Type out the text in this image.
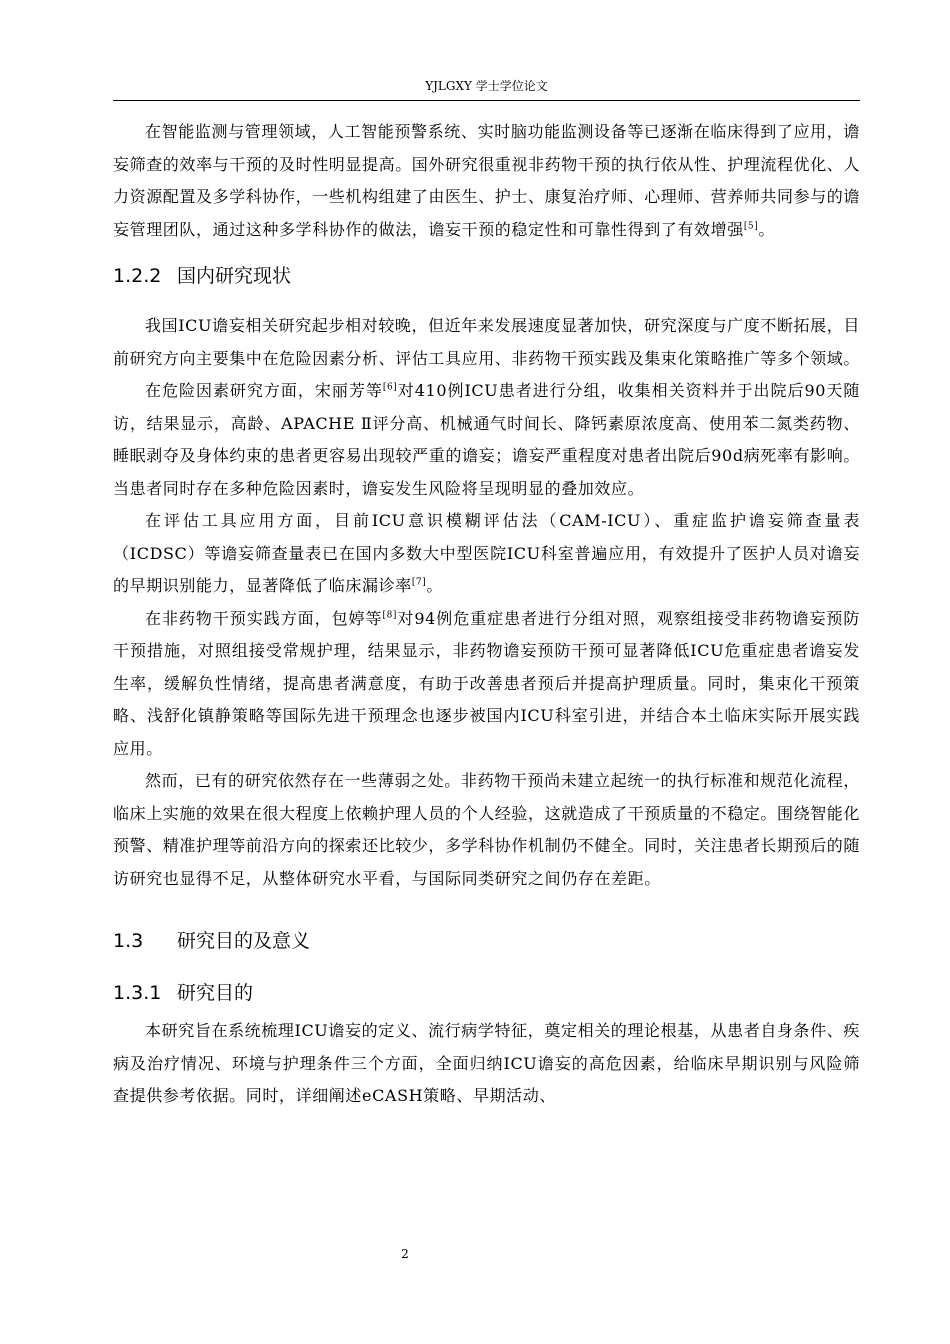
YJLGXY 学士学位论文

在智能监测与管理领域，人工智能预警系统、实时脑功能监测设备等已逐渐在临床得到了应用，谵妄筛查的效率与干预的及时性明显提高。国外研究很重视非药物干预的执行依从性、护理流程优化、人力资源配置及多学科协作，一些机构组建了由医生、护士、康复治疗师、心理师、营养师共同参与的谵妄管理团队，通过这种多学科协作的做法，谵妄干预的稳定性和可靠性得到了有效增强[5]。

1.2.2 国内研究现状

我国ICU谵妄相关研究起步相对较晚，但近年来发展速度显著加快，研究深度与广度不断拓展，目前研究方向主要集中在危险因素分析、评估工具应用、非药物干预实践及集束化策略推广等多个领域。

在危险因素研究方面，宋丽芳等[6]对410例ICU患者进行分组，收集相关资料并于出院后90天随访，结果显示，高龄、APACHE Ⅱ评分高、机械通气时间长、降钙素原浓度高、使用苯二氮类药物、睡眠剥夺及身体约束的患者更容易出现较严重的谵妄；谵妄严重程度对患者出院后90d病死率有影响。当患者同时存在多种危险因素时，谵妄发生风险将呈现明显的叠加效应。

在评估工具应用方面，目前ICU意识模糊评估法（CAM-ICU）、重症监护谵妄筛查量表（ICDSC）等谵妄筛查量表已在国内多数大中型医院ICU科室普遍应用，有效提升了医护人员对谵妄的早期识别能力，显著降低了临床漏诊率[7]。

在非药物干预实践方面，包婷等[8]对94例危重症患者进行分组对照，观察组接受非药物谵妄预防干预措施，对照组接受常规护理，结果显示，非药物谵妄预防干预可显著降低ICU危重症患者谵妄发生率，缓解负性情绪，提高患者满意度，有助于改善患者预后并提高护理质量。同时，集束化干预策略、浅舒化镇静策略等国际先进干预理念也逐步被国内ICU科室引进，并结合本土临床实际开展实践应用。

然而，已有的研究依然存在一些薄弱之处。非药物干预尚未建立起统一的执行标准和规范化流程，临床上实施的效果在很大程度上依赖护理人员的个人经验，这就造成了干预质量的不稳定。围绕智能化预警、精准护理等前沿方向的探索还比较少，多学科协作机制仍不健全。同时，关注患者长期预后的随访研究也显得不足，从整体研究水平看，与国际同类研究之间仍存在差距。

1.3 研究目的及意义
1.3.1 研究目的

本研究旨在系统梳理ICU谵妄的定义、流行病学特征，奠定相关的理论根基，从患者自身条件、疾病及治疗情况、环境与护理条件三个方面，全面归纳ICU谵妄的高危因素，给临床早期识别与风险筛查提供参考依据。同时，详细阐述eCASH策略、早期活动、

2
